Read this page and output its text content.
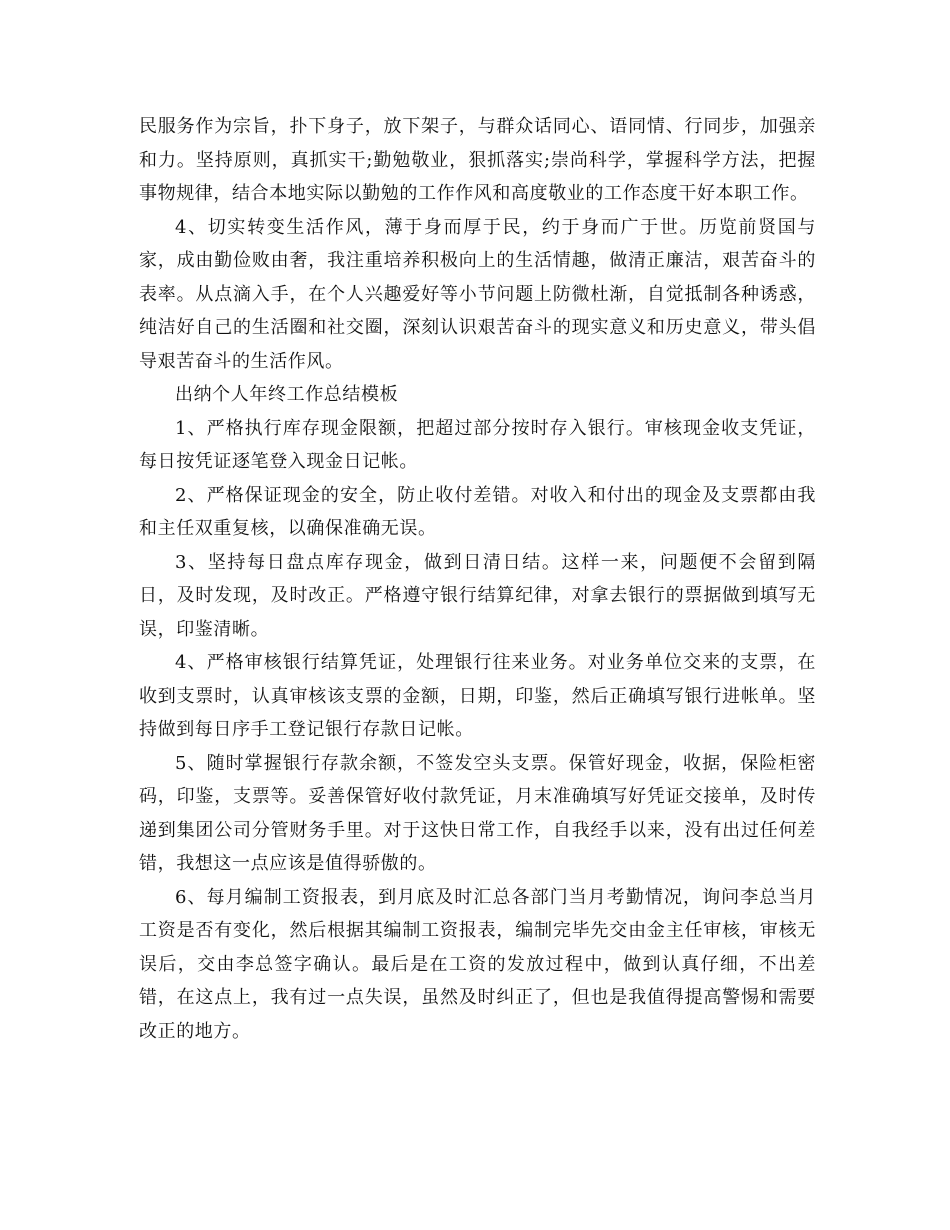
民服务作为宗旨，扑下身子，放下架子，与群众话同心、语同情、行同步，加强亲和力。坚持原则，真抓实干;勤勉敬业，狠抓落实;崇尚科学，掌握科学方法，把握事物规律，结合本地实际以勤勉的工作作风和高度敬业的工作态度干好本职工作。

4、切实转变生活作风，薄于身而厚于民，约于身而广于世。历览前贤国与家，成由勤俭败由奢，我注重培养积极向上的生活情趣，做清正廉洁，艰苦奋斗的表率。从点滴入手，在个人兴趣爱好等小节问题上防微杜渐，自觉抵制各种诱惑，纯洁好自己的生活圈和社交圈，深刻认识艰苦奋斗的现实意义和历史意义，带头倡导艰苦奋斗的生活作风。

出纳个人年终工作总结模板

1、严格执行库存现金限额，把超过部分按时存入银行。审核现金收支凭证，每日按凭证逐笔登入现金日记帐。

2、严格保证现金的安全，防止收付差错。对收入和付出的现金及支票都由我和主任双重复核，以确保准确无误。

3、坚持每日盘点库存现金，做到日清日结。这样一来，问题便不会留到隔日，及时发现，及时改正。严格遵守银行结算纪律，对拿去银行的票据做到填写无误，印鉴清晰。

4、严格审核银行结算凭证，处理银行往来业务。对业务单位交来的支票，在收到支票时，认真审核该支票的金额，日期，印鉴，然后正确填写银行进帐单。坚持做到每日序手工登记银行存款日记帐。

5、随时掌握银行存款余额，不签发空头支票。保管好现金，收据，保险柜密码，印鉴，支票等。妥善保管好收付款凭证，月末准确填写好凭证交接单，及时传递到集团公司分管财务手里。对于这快日常工作，自我经手以来，没有出过任何差错，我想这一点应该是值得骄傲的。

6、每月编制工资报表，到月底及时汇总各部门当月考勤情况，询问李总当月工资是否有变化，然后根据其编制工资报表，编制完毕先交由金主任审核，审核无误后，交由李总签字确认。最后是在工资的发放过程中，做到认真仔细，不出差错，在这点上，我有过一点失误，虽然及时纠正了，但也是我值得提高警惕和需要改正的地方。
